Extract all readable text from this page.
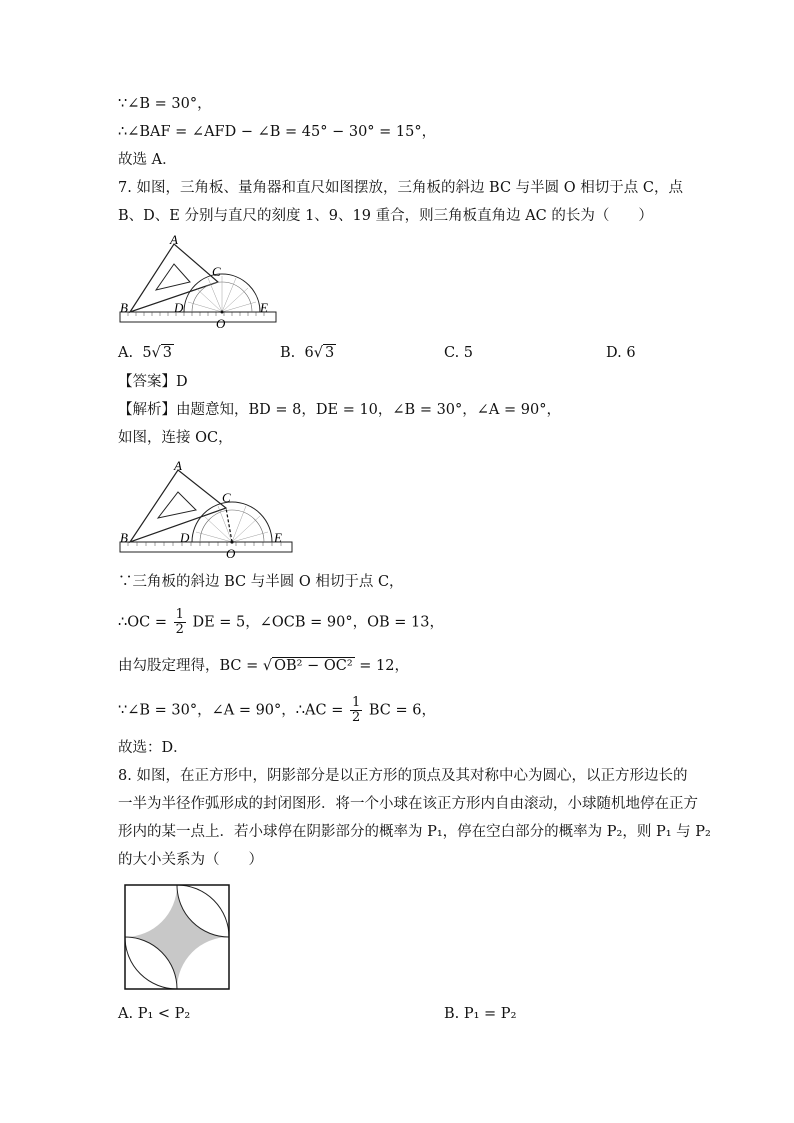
∵∠B = 30°，
∴∠BAF = ∠AFD − ∠B = 45° − 30° = 15°，
故选 A．
7. 如图，三角板、量角器和直尺如图摆放，三角板的斜边 BC 与半圆 O 相切于点 C，点
B、D、E 分别与直尺的刻度 1、9、19 重合，则三角板直角边 AC 的长为（　　）
A
C
B	D	E
O
A. 5√ 3	B. 6√ 3	C. 5	D. 6
【答案】D
【解析】由题意知，BD = 8，DE = 10，∠B = 30°，∠A = 90°，
如图，连接 OC，
A
C
B	D	E
O
∵三角板的斜边 BC 与半圆 O 相切于点 C，
∴OC = $\frac{1}{2}$ DE = 5，∠OCB = 90°，OB = 13，
由勾股定理得，BC = √ OB² − OC² = 12，
∵∠B = 30°，∠A = 90°，∴AC = $\frac{1}{2}$ BC = 6，
故选：D．
8. 如图，在正方形中，阴影部分是以正方形的顶点及其对称中心为圆心，以正方形边长的
一半为半径作弧形成的封闭图形．将一个小球在该正方形内自由滚动，小球随机地停在正方
形内的某一点上．若小球停在阴影部分的概率为 P₁，停在空白部分的概率为 P₂，则 P₁ 与 P₂
的大小关系为（　　）
A. P₁ < P₂	B. P₁ = P₂
